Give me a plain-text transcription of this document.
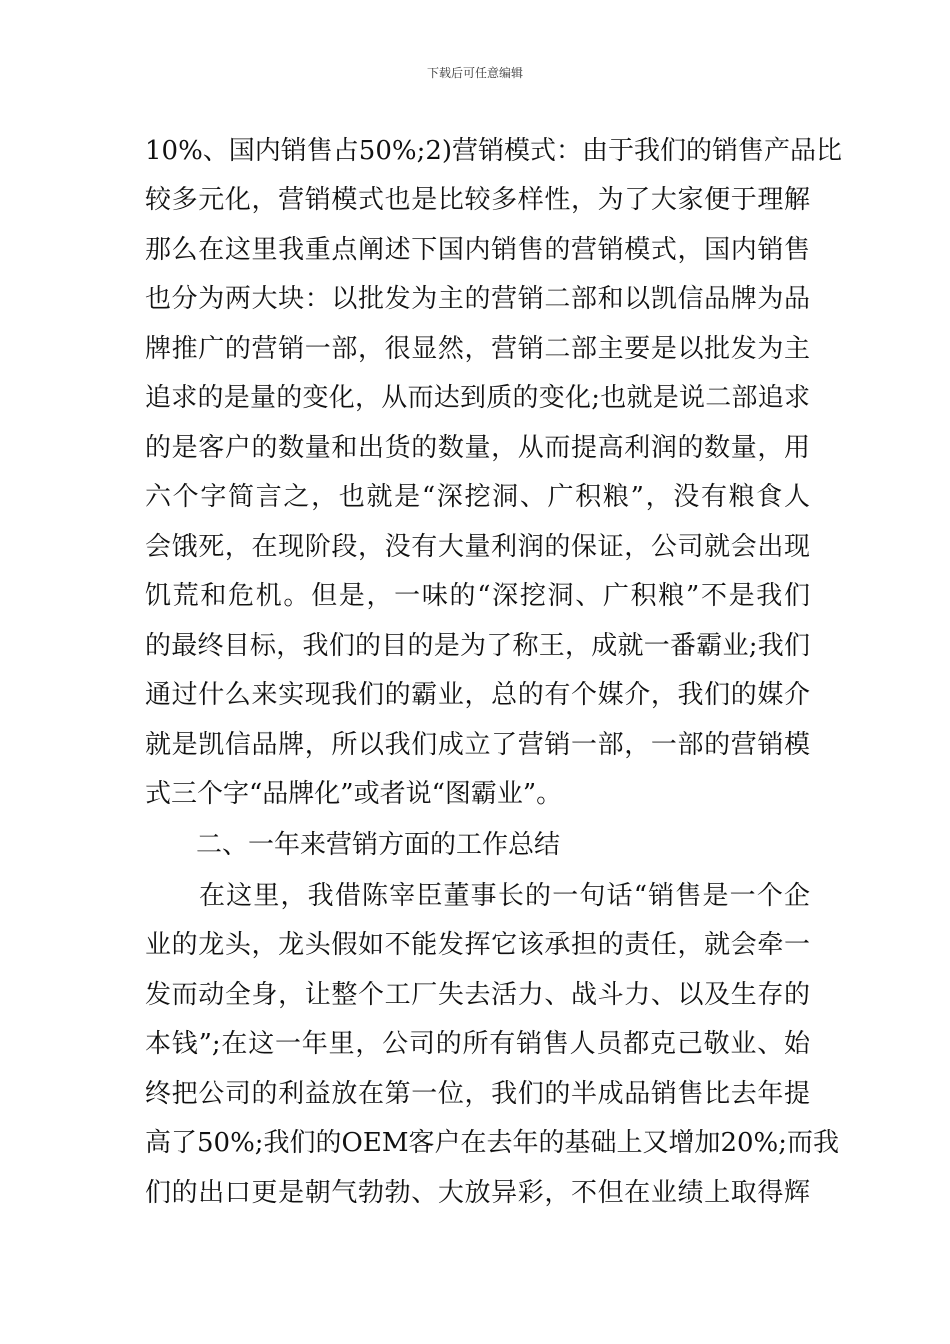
下载后可任意编辑
10%、国内销售占50%;2)营销模式：由于我们的销售产品比
较多元化，营销模式也是比较多样性，为了大家便于理解
那么在这里我重点阐述下国内销售的营销模式，国内销售
也分为两大块：以批发为主的营销二部和以凯信品牌为品
牌推广的营销一部，很显然，营销二部主要是以批发为主
追求的是量的变化，从而达到质的变化;也就是说二部追求
的是客户的数量和出货的数量，从而提高利润的数量，用
六个字简言之，也就是“深挖洞、广积粮”，没有粮食人
会饿死，在现阶段，没有大量利润的保证，公司就会出现
饥荒和危机。但是，一味的“深挖洞、广积粮”不是我们
的最终目标，我们的目的是为了称王，成就一番霸业;我们
通过什么来实现我们的霸业，总的有个媒介，我们的媒介
就是凯信品牌，所以我们成立了营销一部，一部的营销模
式三个字“品牌化”或者说“图霸业”。
二、一年来营销方面的工作总结
在这里，我借陈宰臣董事长的一句话“销售是一个企
业的龙头，龙头假如不能发挥它该承担的责任，就会牵一
发而动全身，让整个工厂失去活力、战斗力、以及生存的
本钱”;在这一年里，公司的所有销售人员都克己敬业、始
终把公司的利益放在第一位，我们的半成品销售比去年提
高了50%;我们的OEM客户在去年的基础上又增加20%;而我
们的出口更是朝气勃勃、大放异彩，不但在业绩上取得辉
